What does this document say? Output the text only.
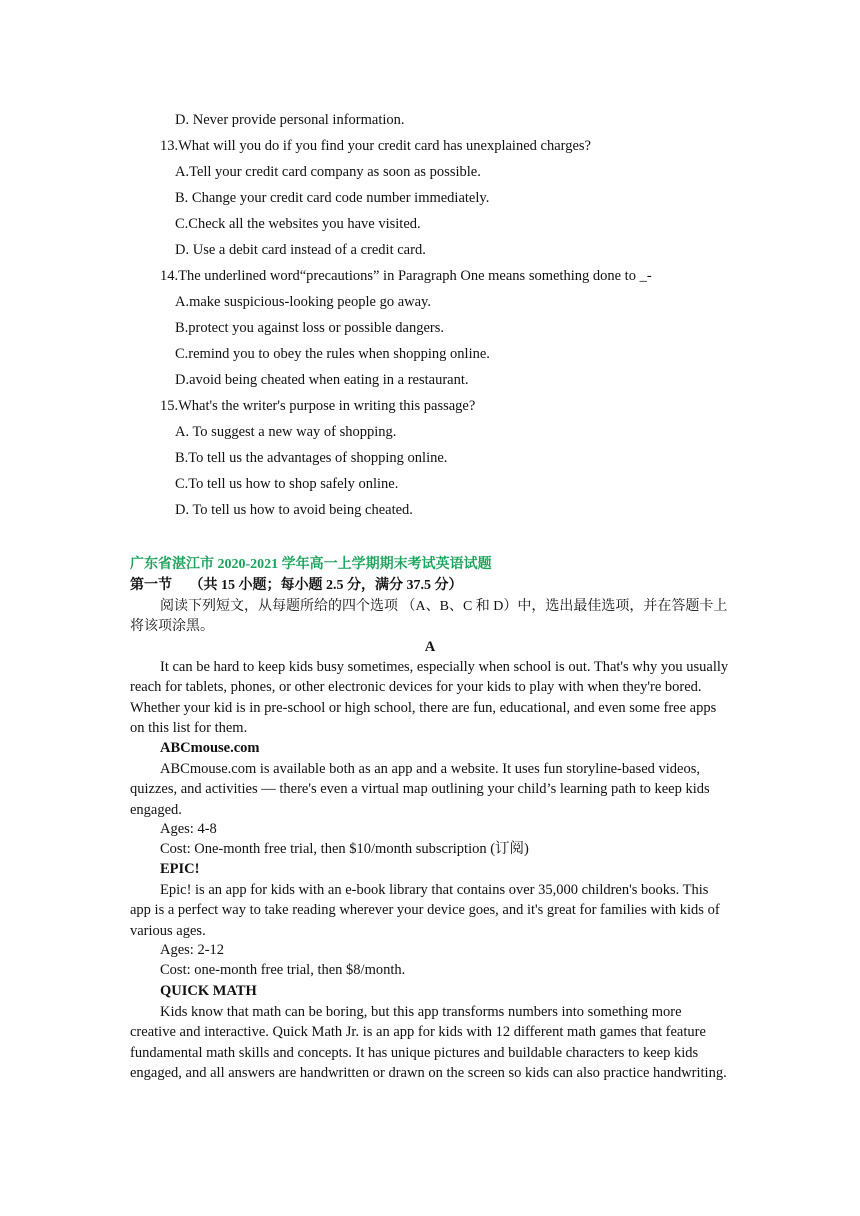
D. Never provide personal information.
13.What will you do if you find your credit card has unexplained charges?
A.Tell your credit card company as soon as possible.
B. Change your credit card code number immediately.
C.Check all the websites you have visited.
D. Use a debit card instead of a credit card.
14.The underlined word“precautions” in Paragraph One means something done to _-
A.make suspicious-looking people go away.
B.protect you against loss or possible dangers.
C.remind you to obey the rules when shopping online.
D.avoid being cheated when eating in a restaurant.
15.What's the writer's purpose in writing this passage?
A. To suggest a new way of shopping.
B.To tell us the advantages of shopping online.
C.To tell us how to shop safely online.
D. To tell us how to avoid being cheated.
广东省湛江市 2020-2021 学年高一上学期期末考试英语试题
第一节　 （共 15 小题；每小题 2.5 分，满分 37.5 分）
阅读下列短文，从每题所给的四个选项 （A、B、C 和 D）中，选出最佳选项，并在答题卡上将该项涂黑。
A
It can be hard to keep kids busy sometimes, especially when school is out. That's why you usually reach for tablets, phones, or other electronic devices for your kids to play with when they're bored. Whether your kid is in pre-school or high school, there are fun, educational, and even some free apps on this list for them.
ABCmouse.com
ABCmouse.com is available both as an app and a website. It uses fun storyline-based videos, quizzes, and activities — there's even a virtual map outlining your child’s learning path to keep kids engaged.
Ages: 4-8
Cost: One-month free trial, then $10/month subscription (订阅)
EPIC!
Epic! is an app for kids with an e-book library that contains over 35,000 children's books. This app is a perfect way to take reading wherever your device goes, and it's great for families with kids of various ages.
Ages: 2-12
Cost: one-month free trial, then $8/month.
QUICK MATH
Kids know that math can be boring, but this app transforms numbers into something more creative and interactive. Quick Math Jr. is an app for kids with 12 different math games that feature fundamental math skills and concepts. It has unique pictures and buildable characters to keep kids engaged, and all answers are handwritten or drawn on the screen so kids can also practice handwriting.
